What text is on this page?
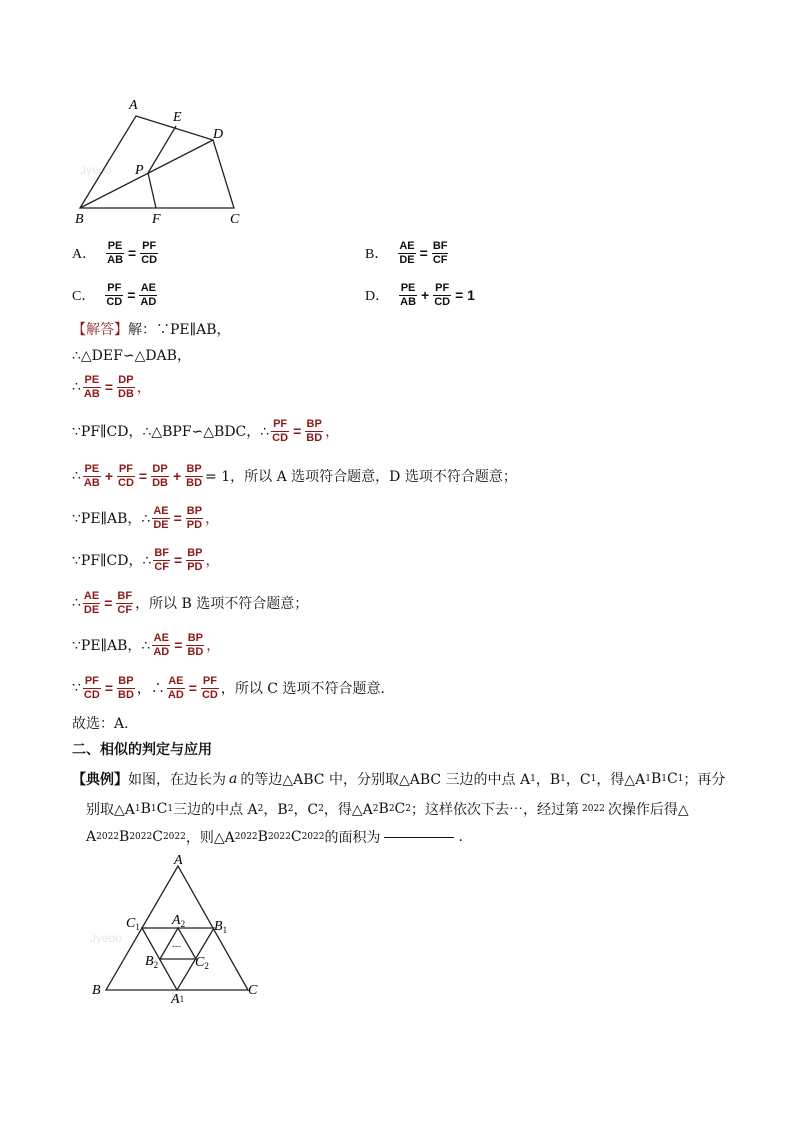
Jyeoo
A
E
D
P
B	F	C
A． $\frac{PE}{AB} = \frac{PF}{CD}$	B． $\frac{AE}{DE} = \frac{BF}{CF}$
C． $\frac{PF}{CD} = \frac{AE}{AD}$	D． $\frac{PE}{AB} + \frac{PF}{CD} = 1$
【解答】 解：∵PE∥AB，
∴△DEF∽△DAB，
∴ $\frac{PE}{AB} = \frac{DP}{DB}$ ，
∵PF∥CD，∴△BPF∽△BDC，∴ $\frac{PF}{CD} = \frac{BP}{BD}$ ，
∴ $\frac{PE}{AB} + \frac{PF}{CD} = \frac{DP}{DB} + \frac{BP}{BD} = 1$，所以 A 选项符合题意，D 选项不符合题意；
∵PE∥AB，∴ $\frac{AE}{DE} = \frac{BP}{PD}$ ，
∵PF∥CD，∴ $\frac{BF}{CF} = \frac{BP}{PD}$ ，
∴ $\frac{AE}{DE} = \frac{BF}{CF}$ ，所以 B 选项不符合题意；
∵PE∥AB，∴ $\frac{AE}{AD} = \frac{BP}{BD}$ ，
∵ $\frac{PF}{CD} = \frac{BP}{BD}$ ，∴ $\frac{AE}{AD} = \frac{PF}{CD}$ ，所以 C 选项不符合题意．
故选：A．
二、相似的判定与应用
【典例】 如图，在边长为 a 的等边△ABC 中，分别取△ABC 三边的中点 A 1 ，B 1 ，C 1 ，得△A 1 B 1 C 1 ；再分
别取△A 1 B 1 C 1 三边的中点 A 2 ，B 2 ，C 2 ，得△A 2 B 2 C 2 ；这样依次下去⋯，经过第 2022 次操作后得△
A 2022 B 2022 C 2022 ，则△A 2022 B 2022 C 2022 的面积为	.
Jyeoo
---
A
B	C
$C_1$	$B_1$
A1
$A_2$
$B_2$	$C_2$
